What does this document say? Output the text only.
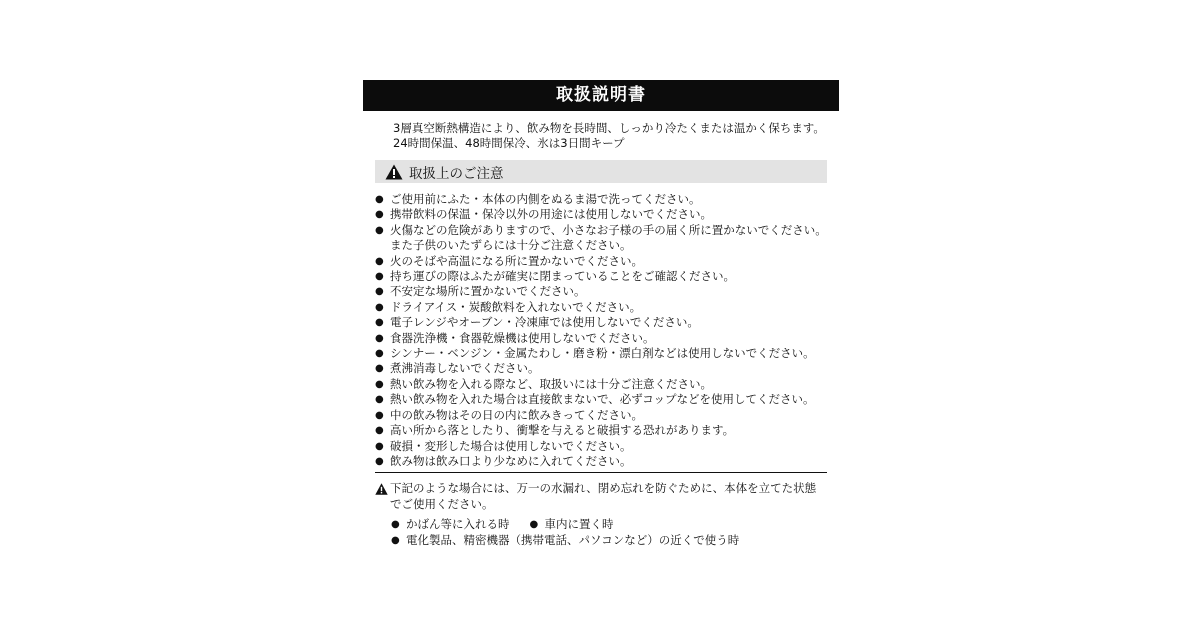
取扱説明書
3層真空断熱構造により、飲み物を長時間、しっかり冷たくまたは温かく保ちます。
24時間保温、48時間保冷、氷は3日間キープ
取扱上のご注意
● ご使用前にふた・本体の内側をぬるま湯で洗ってください。
● 携帯飲料の保温・保冷以外の用途には使用しないでください。
● 火傷などの危険がありますので、小さなお子様の手の届く所に置かないでください。
また子供のいたずらには十分ご注意ください。
● 火のそばや高温になる所に置かないでください。
● 持ち運びの際はふたが確実に閉まっていることをご確認ください。
● 不安定な場所に置かないでください。
● ドライアイス・炭酸飲料を入れないでください。
● 電子レンジやオーブン・冷凍庫では使用しないでください。
● 食器洗浄機・食器乾燥機は使用しないでください。
● シンナー・ベンジン・金属たわし・磨き粉・漂白剤などは使用しないでください。
● 煮沸消毒しないでください。
● 熱い飲み物を入れる際など、取扱いには十分ご注意ください。
● 熱い飲み物を入れた場合は直接飲まないで、必ずコップなどを使用してください。
● 中の飲み物はその日の内に飲みきってください。
● 高い所から落としたり、衝撃を与えると破損する恐れがあります。
● 破損・変形した場合は使用しないでください。
● 飲み物は飲み口より少なめに入れてください。
下記のような場合には、万一の水漏れ、閉め忘れを防ぐために、本体を立てた状態でご使用ください。
● かばん等に入れる時 ● 車内に置く時
● 電化製品、精密機器（携帯電話、パソコンなど）の近くで使う時
